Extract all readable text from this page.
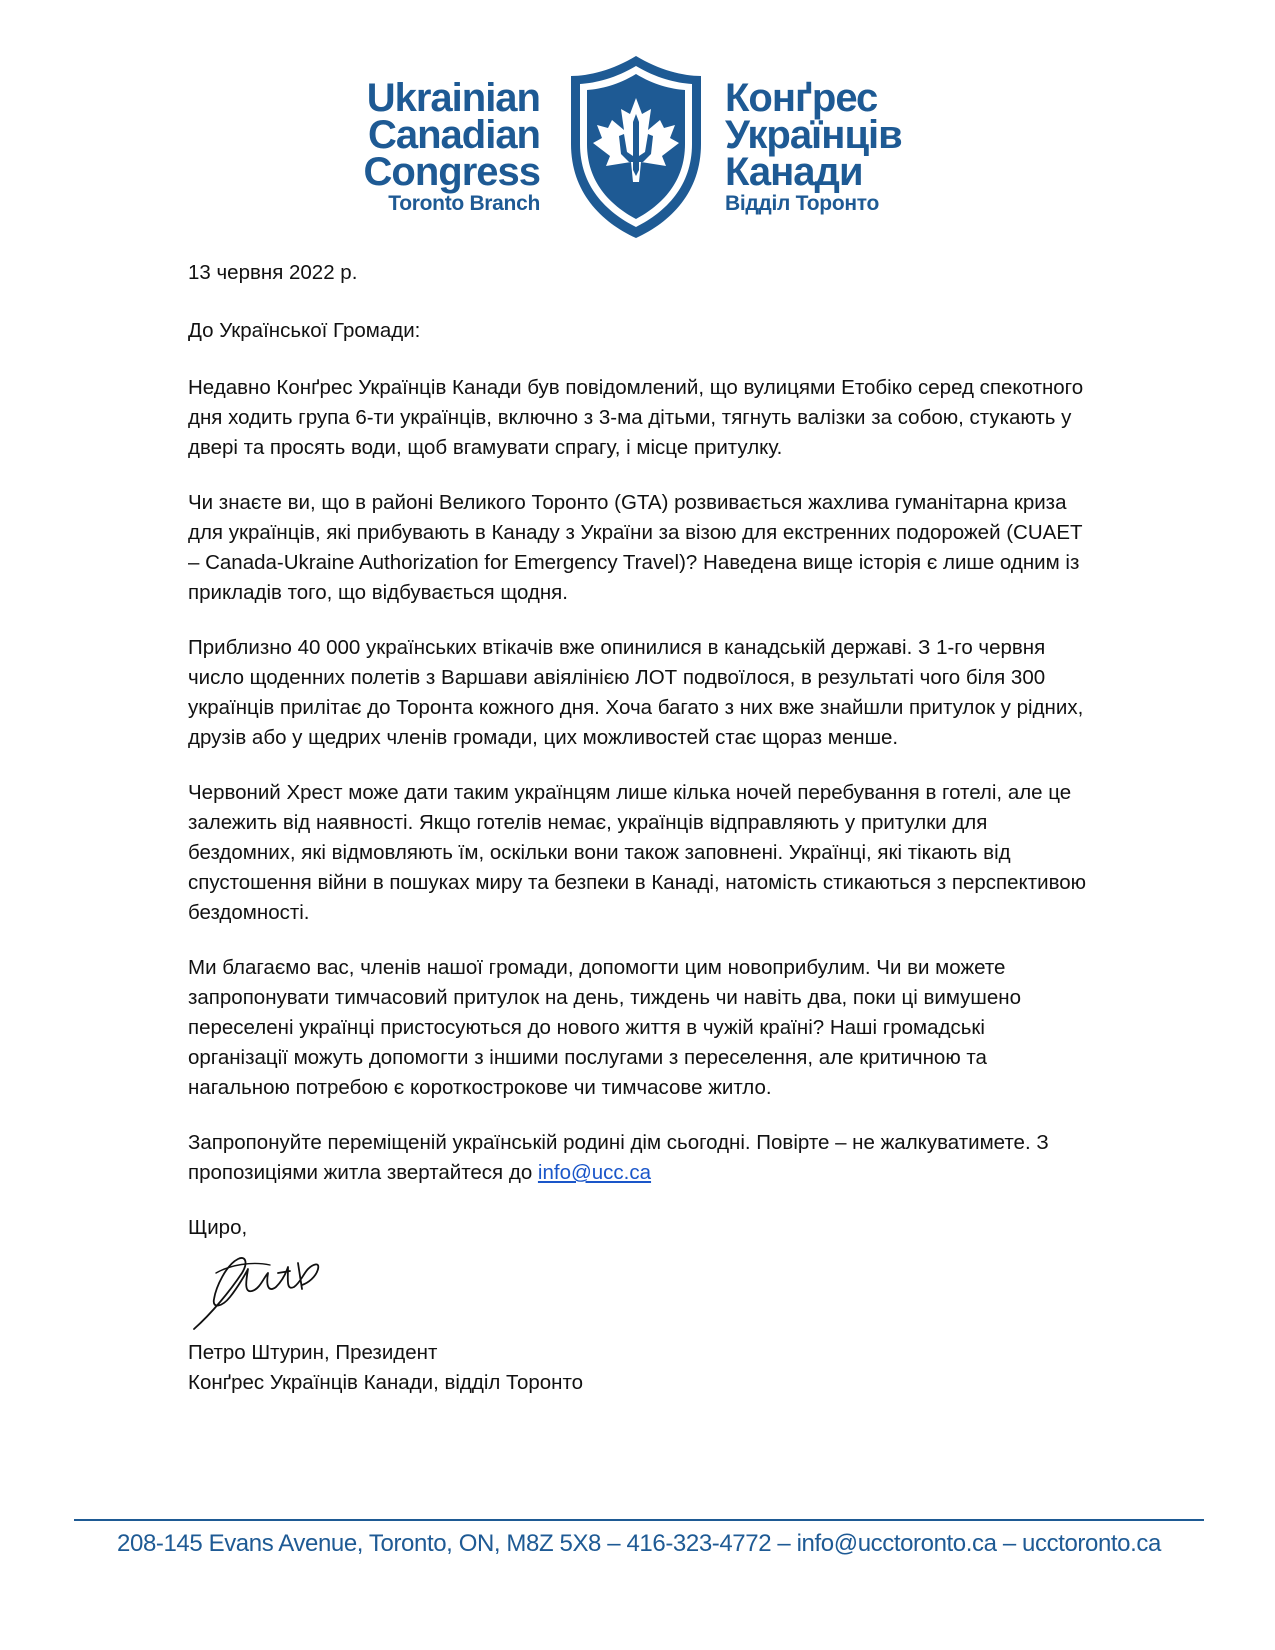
Ukrainian
Canadian
Congress
Toronto Branch
Конґрес
Українців
Канади
Відділ Торонто

13 червня 2022 р.

До Української Громади:

Недавно Конґрес Українців Канади був повідомлений, що вулицями Етобіко серед спекотного дня ходить група 6-ти українців, включно з 3-ма дітьми, тягнуть валізки за собою, стукають у двері та просять води, щоб вгамувати спрагу, і місце притулку.

Чи знаєте ви, що в районі Великого Торонто (GTA) розвивається жахлива гуманітарна криза для українців, які прибувають в Канаду з України за візою для екстренних подорожей (CUAET – Canada-Ukraine Authorization for Emergency Travel)? Наведена вище історія є лише одним із прикладів того, що відбувається щодня.

Приблизно 40 000 українських втікачів вже опинилися в канадській державі. З 1-го червня число щоденних полетів з Варшави авіялінією ЛОТ подвоїлося, в результаті чого біля 300 українців прилітає до Торонта кожного дня. Хоча багато з них вже знайшли притулок у рідних, друзів або у щедрих членів громади, цих можливостей стає щораз менше.

Червоний Хрест може дати таким українцям лише кілька ночей перебування в готелі, але це залежить від наявності. Якщо готелів немає, українців відправляють у притулки для бездомних, які відмовляють їм, оскільки вони також заповнені. Українці, які тікають від спустошення війни в пошуках миру та безпеки в Канаді, натомість стикаються з перспективою бездомності.

Ми благаємо вас, членів нашої громади, допомогти цим новоприбулим. Чи ви можете запропонувати тимчасовий притулок на день, тиждень чи навіть два, поки ці вимушено переселені українці пристосуються до нового життя в чужій країні? Наші громадські організації можуть допомогти з іншими послугами з переселення, але критичною та нагальною потребою є короткострокове чи тимчасове житло.

Запропонуйте переміщеній українській родині дім сьогодні. Повірте – не жалкуватимете. З пропозиціями житла звертайтеся до info@ucc.ca

Щиро,

Петро Штурин, Президент

Конґрес Українців Канади, відділ Торонто

208-145 Evans Avenue, Toronto, ON, M8Z 5X8 – 416-323-4772 – info@ucctoronto.ca – ucctoronto.ca
